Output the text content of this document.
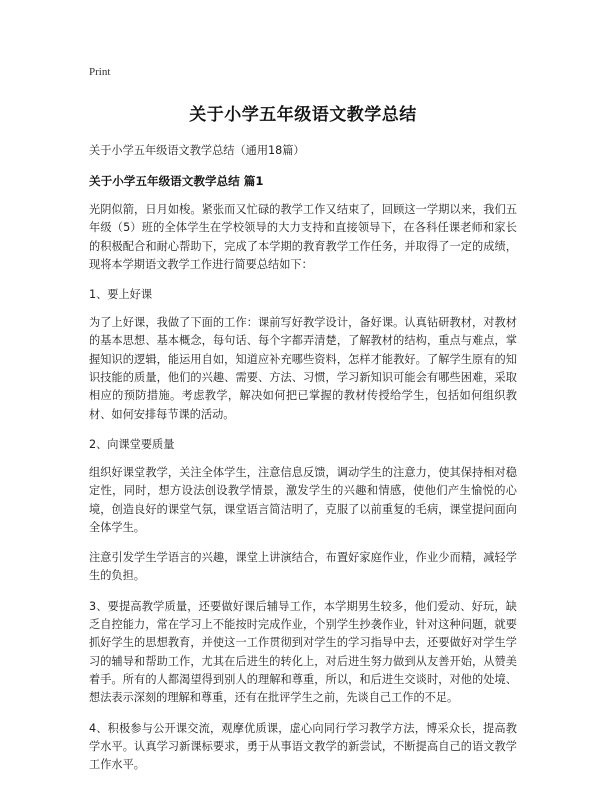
Print
关于小学五年级语文教学总结
关于小学五年级语文教学总结（通用18篇）
关于小学五年级语文教学总结 篇1

光阴似箭，日月如梭。紧张而又忙碌的教学工作又结束了，回顾这一学期以来，我们五年级（5）班的全体学生在学校领导的大力支持和直接领导下，在各科任课老师和家长的积极配合和耐心帮助下，完成了本学期的教育教学工作任务，并取得了一定的成绩，现将本学期语文教学工作进行简要总结如下：

1、要上好课

为了上好课，我做了下面的工作：课前写好教学设计，备好课。认真钻研教材，对教材的基本思想、基本概念，每句话、每个字都弄清楚，了解教材的结构，重点与难点，掌握知识的逻辑，能运用自如，知道应补充哪些资料，怎样才能教好。了解学生原有的知识技能的质量，他们的兴趣、需要、方法、习惯，学习新知识可能会有哪些困难，采取相应的预防措施。考虑教学，解决如何把已掌握的教材传授给学生，包括如何组织教材、如何安排每节课的活动。

2、向课堂要质量

组织好课堂教学，关注全体学生，注意信息反馈，调动学生的注意力，使其保持相对稳定性，同时，想方设法创设教学情景，激发学生的兴趣和情感，使他们产生愉悦的心境，创造良好的课堂气氛，课堂语言简洁明了，克服了以前重复的毛病，课堂提问面向全体学生。

注意引发学生学语言的兴趣，课堂上讲演结合，布置好家庭作业，作业少而精，减轻学生的负担。

3、要提高教学质量，还要做好课后辅导工作，本学期男生较多，他们爱动、好玩，缺乏自控能力，常在学习上不能按时完成作业，个别学生抄袭作业，针对这种问题，就要抓好学生的思想教育，并使这一工作贯彻到对学生的学习指导中去，还要做好对学生学习的辅导和帮助工作，尤其在后进生的转化上，对后进生努力做到从友善开始，从赞美着手。所有的人都渴望得到别人的理解和尊重，所以，和后进生交谈时，对他的处境、想法表示深刻的理解和尊重，还有在批评学生之前，先谈自己工作的不足。

4、积极参与公开课交流，观摩优质课，虚心向同行学习教学方法，博采众长，提高教学水平。认真学习新课标要求，勇于从事语文教学的新尝试，不断提高自己的语文教学工作水平。
